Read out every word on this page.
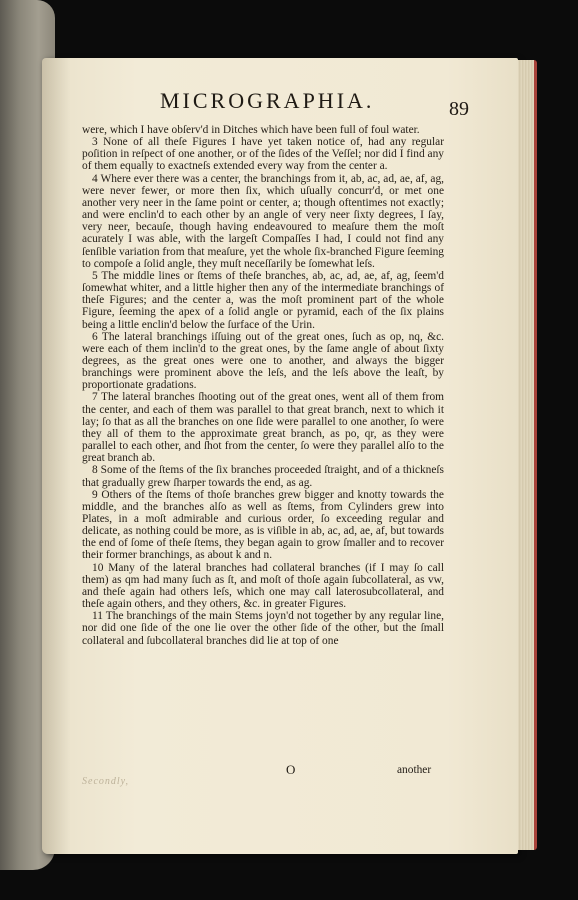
MICROGRAPHIA.	89

were, which I have obſerv'd in Ditches which have been full of foul water.

3 None of all theſe Figures I have yet taken notice of, had any regular poſition in reſpect of one another, or of the ſides of the Veſſel; nor did I find any of them equally to exactneſs extended every way from the center a.

4 Where ever there was a center, the branchings from it, ab, ac, ad, ae, af, ag, were never fewer, or more then ſix, which uſually concurr'd, or met one another very neer in the ſame point or center, a; though oftentimes not exactly; and were enclin'd to each other by an angle of very neer ſixty degrees, I ſay, very neer, becauſe, though having endeavoured to meaſure them the moſt acurately I was able, with the largeſt Compaſſes I had, I could not find any ſenſible variation from that meaſure, yet the whole ſix-branched Figure ſeeming to compoſe a ſolid angle, they muſt neceſſarily be ſomewhat leſs.

5 The middle lines or ſtems of theſe branches, ab, ac, ad, ae, af, ag, ſeem'd ſomewhat whiter, and a little higher then any of the intermediate branchings of theſe Figures; and the center a, was the moſt prominent part of the whole Figure, ſeeming the apex of a ſolid angle or pyramid, each of the ſix plains being a little enclin'd below the ſurface of the Urin.

6 The lateral branchings iſſuing out of the great ones, ſuch as op, nq, &c. were each of them inclin'd to the great ones, by the ſame angle of about ſixty degrees, as the great ones were one to another, and always the bigger branchings were prominent above the leſs, and the leſs above the leaſt, by proportionate gradations.

7 The lateral branches ſhooting out of the great ones, went all of them from the center, and each of them was parallel to that great branch, next to which it lay; ſo that as all the branches on one ſide were parallel to one another, ſo were they all of them to the approximate great branch, as po, qr, as they were parallel to each other, and ſhot from the center, ſo were they parallel alſo to the great branch ab.

8 Some of the ſtems of the ſix branches proceeded ſtraight, and of a thickneſs that gradually grew ſharper towards the end, as ag.

9 Others of the ſtems of thoſe branches grew bigger and knotty towards the middle, and the branches alſo as well as ſtems, from Cylinders grew into Plates, in a moſt admirable and curious order, ſo exceeding regular and delicate, as nothing could be more, as is viſible in ab, ac, ad, ae, af, but towards the end of ſome of theſe ſtems, they began again to grow ſmaller and to recover their former branchings, as about k and n.

10 Many of the lateral branches had collateral branches (if I may ſo call them) as qm had many ſuch as ſt, and moſt of thoſe again ſubcollateral, as vw, and theſe again had others leſs, which one may call laterosubcollateral, and theſe again others, and they others, &c. in greater Figures.

11 The branchings of the main Stems joyn'd not together by any regular line, nor did one ſide of the one lie over the other ſide of the other, but the ſmall collateral and ſubcollateral branches did lie at top of one

O	another
Secondly,
